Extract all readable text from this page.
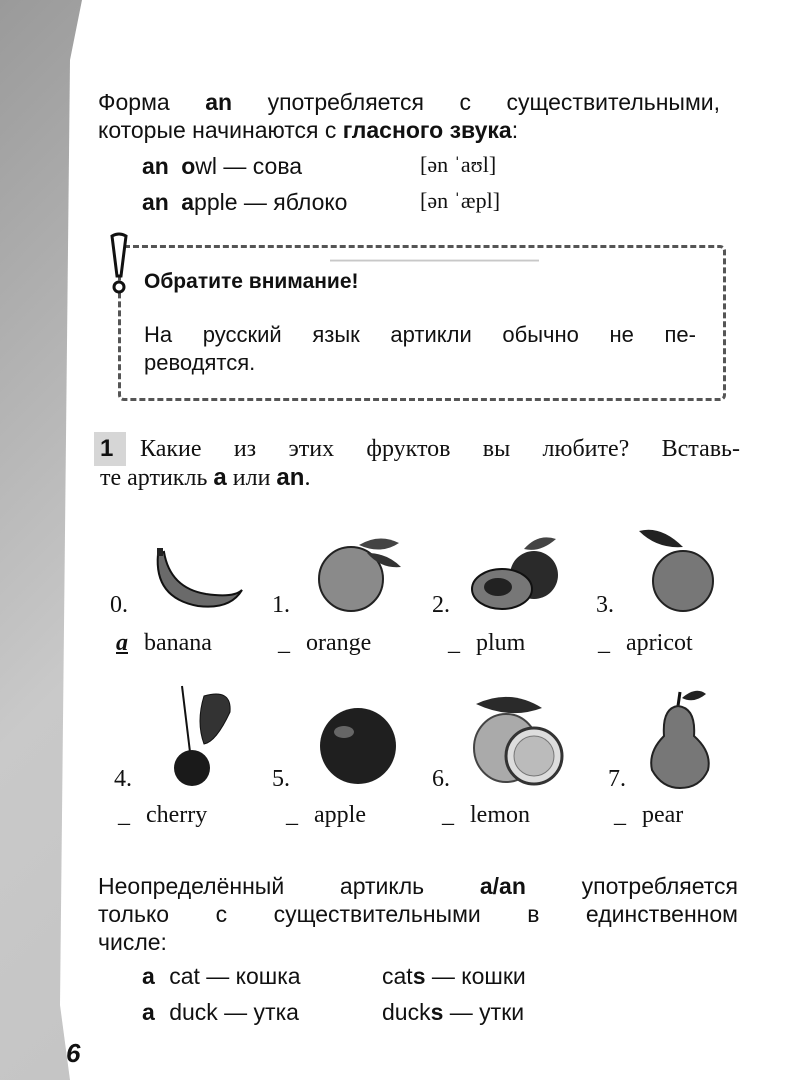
Форма an употребляется с существительными,
которые начинаются с гласного звука:
an owl — сова	[ən ˈaʊl]
an apple — яблоко	[ən ˈæpl]
———————————
Обратите внимание!
На русский язык артикли обычно не пе-
реводятся.
1 Какие из этих фруктов вы любите? Вставь-
те артикль a или an.
0.	1.	2.	3.
a banana	_ orange	_ plum	_ apricot
4.	5.	6.	7.
_ cherry	_ apple	_ lemon	_ pear
Неопределённый артикль a/an употребляется
только с существительными в единственном
числе:
a cat — кошка	cats — кошки
a duck — утка	ducks — утки
6
